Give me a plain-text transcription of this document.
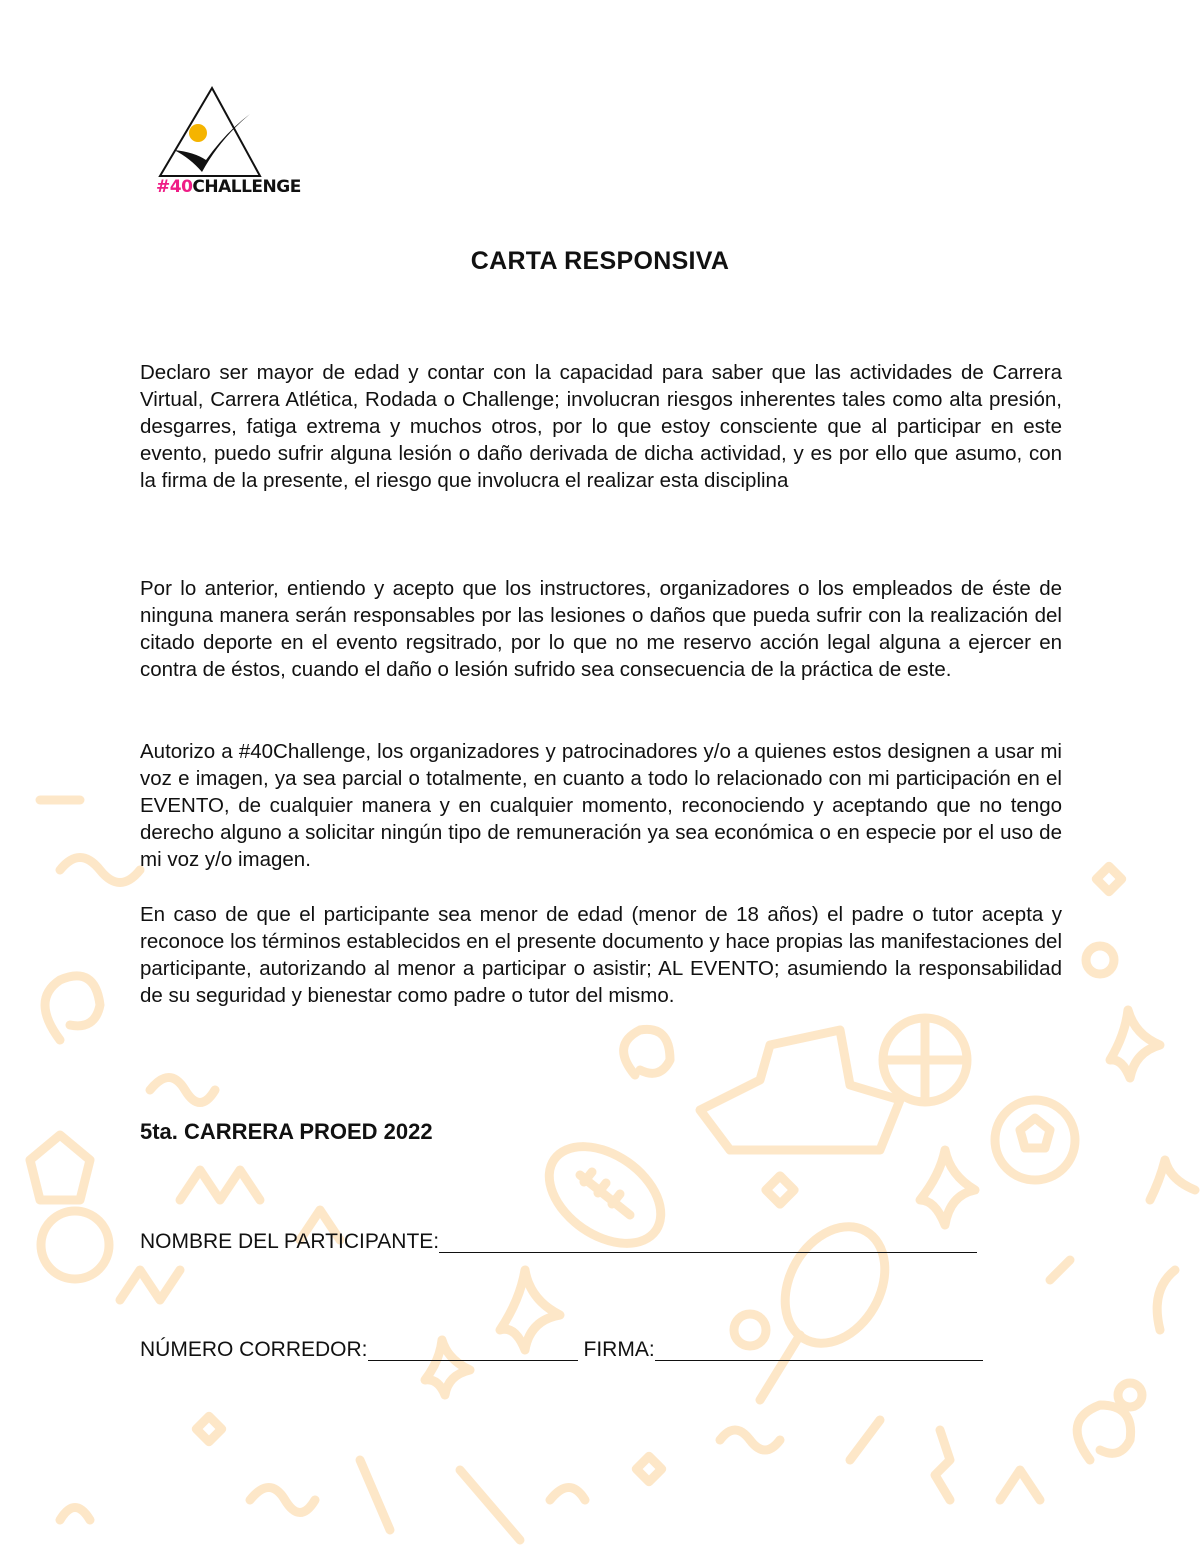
#40CHALLENGE
CARTA RESPONSIVA

Declaro ser mayor de edad y contar con la capacidad para saber que las actividades de Carrera Virtual, Carrera Atlética, Rodada o Challenge; involucran riesgos inherentes tales como alta presión, desgarres, fatiga extrema y muchos otros, por lo que estoy consciente que al participar en este evento, puedo sufrir alguna lesión o daño derivada de dicha actividad, y es por ello que asumo, con la firma de la presente, el riesgo que involucra el realizar esta disciplina

Por lo anterior, entiendo y acepto que los instructores, organizadores o los empleados de éste de ninguna manera serán responsables por las lesiones o daños que pueda sufrir con la realización del citado deporte en el evento regsitrado, por lo que no me reservo acción legal alguna a ejercer en contra de éstos, cuando el daño o lesión sufrido sea consecuencia de la práctica de este.

Autorizo a #40Challenge, los organizadores y patrocinadores y/o a quienes estos designen a usar mi voz e imagen, ya sea parcial o totalmente, en cuanto a todo lo relacionado con mi participación en el EVENTO, de cualquier manera y en cualquier momento, reconociendo y aceptando que no tengo derecho alguno a solicitar ningún tipo de remuneración ya sea económica o en especie por el uso de mi voz y/o imagen.

En caso de que el participante sea menor de edad (menor de 18 años) el padre o tutor acepta y reconoce los términos establecidos en el presente documento y hace propias las manifestaciones del participante, autorizando al menor a participar o asistir; AL EVENTO; asumiendo la responsabilidad de su seguridad y bienestar como padre o tutor del mismo.

5ta. CARRERA PROED 2022
NOMBRE DEL PARTICIPANTE:
NÚMERO CORREDOR:	FIRMA:
